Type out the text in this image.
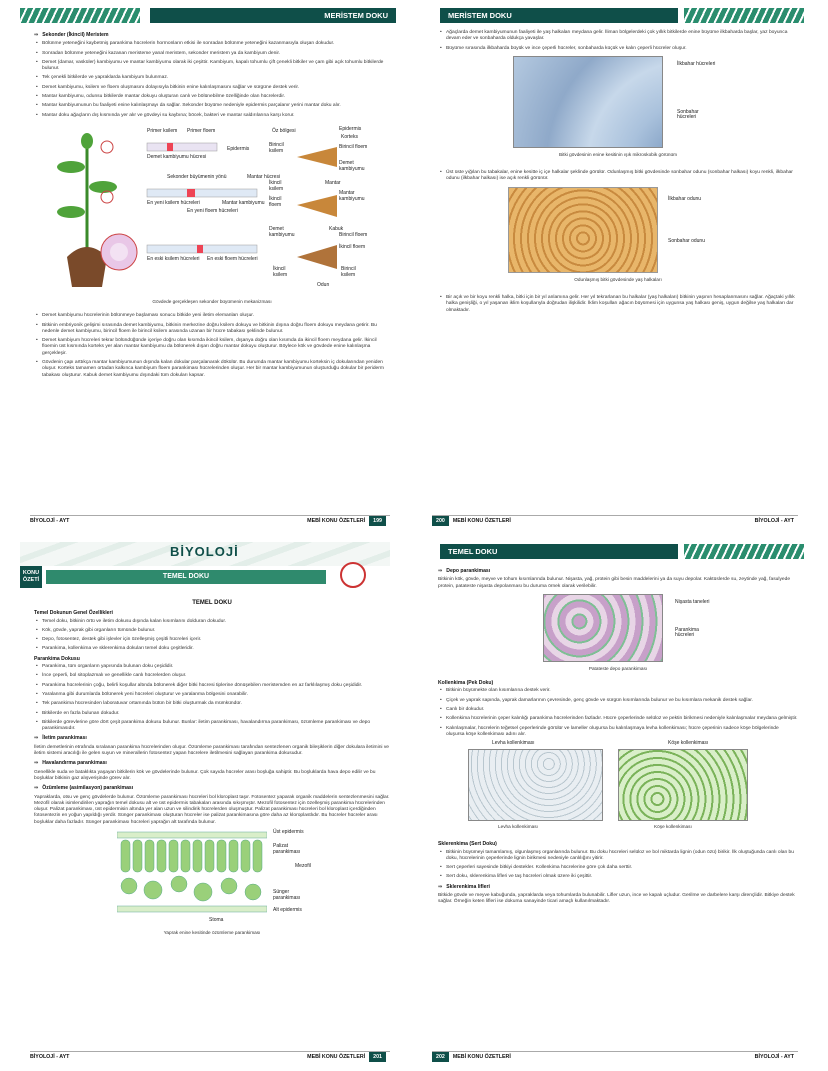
MERİSTEM DOKU
⇒ Sekonder (İkincil) Meristem
• Bölünme yeteneğini kaybetmiş parankima hücrelerin hormonların etkisi ile sonradan bölünme yeteneğini kazanmasıyla oluşan dokudur.
• Sonradan bölünme yeteneğini kazanan meristeme yanal meristem, sekonder meristem ya da kambiyum denir.
• Demet (damar, vasküler) kambiyumu ve mantar kambiyumu olarak iki çeşittir. Kambiyum, kapalı tohumlu çift çenekli bitkiler ve çam gibi açık tohumlu bitkilerde bulunur.
• Tek çenekli bitkilerde ve yapraklarda kambiyum bulunmaz.
• Demet kambiyumu, ksilem ve floem oluşmasını dolayısıyla bitkinin enine kalınlaşmasını sağlar ve sürgüne destek verir.
• Mantar kambiyumu, odunsu bitkilerde mantar dokuyu oluşturan canlı ve bölünebilme özelliğinde olan hücrelerdir.
• Mantar kambiyumunun bu faaliyeti enine kalınlaşmayı da sağlar. Sekonder büyüme nedeniyle epidermis parçalanır yerini mantar doku alır.
• Mantar doku ağaçların dış kısmında yer alır ve gövdeyi su kaybına; böcek, bakteri ve mantar saldırılarına karşı korur.
Primer ksilem Primer floem
Epidermis
Demet kambiyumu hücresi
Sekonder büyümenin yönü	Mantar hücresi
En yeni ksilem hücreleri
En yeni floem hücreleri
Mantar kambiyumu
En eski ksilem hücreleri En eski floem hücreleri
Öz bölgesi	Epidermis
Korteks
Birincil ksilem
Birincil floem
Demet kambiyumu
İkincil ksilem
Mantar
İkincil floem
Mantar kambiyumu
Kabuk
Birincil floem
İkincil floem
İkincil ksilem
Birincil ksilem
Odun
Demet kambiyumu
Gövdede gerçekleşen sekonder büyümenin mekanizması
• Demet kambiyumu hücrelerinin bölünmeye başlaması sonucu bitkide yeni iletim elemanları oluşur.
• Bitkinin embriyonik gelişimi sırasında demet kambiyumu, bitkinin merkezine doğru ksilem dokuyu ve bitkinin dışına doğru floem dokuyu meydana getirir. Bu nedenle demet kambiyumu, birincil floem ile birincil ksilem arasında uzanan bir hücre tabakası şeklinde bulunur.
• Demet kambiyum hücreleri tekrar bölündüğünde içeriye doğru olan kısımda ikincil ksilem, dışarıya doğru olan kısımda da ikincil floem meydana gelir. İkincil floemin üst kısmında korteks yer alan mantar kambiyumu da bölünerek dışarı doğru mantar dokuyu oluşturur. Böylece kök ve gövdede enine kalınlaşma gerçekleşir.
• Gövdenin çapı arttıkça mantar kambiyumunun dışında kalan dokular parçalanarak dökülür. Bu durumda mantar kambiyumu korteksin iç dokularından yeniden oluşur. Korteks tamamen ortadan kalkınca kambiyum floem parankiması hücrelerinden oluşur. Her bir mantar kambiyumunun oluşturduğu dokular bir periderm tabakası oluşturur. Kabuk demet kambiyumu dışındaki tüm dokuları kapsar.
BİYOLOJİ - AYT	MEBİ KONU ÖZETLERİ 199
MERİSTEM DOKU
• Ağaçlarda demet kambiyumunun faaliyeti ile yaş halkaları meydana gelir. İliman bölgelerdeki çok yıllık bitkilerde enine büyüme ilkbaharda başlar, yaz boyunca devam eder ve sonbaharda oldukça yavaşlar.
• Büyüme sırasında ilkbaharda büyük ve ince çeperli hücreler, sonbaharda küçük ve kalın çeperli hücreler oluşur.
İlkbahar hücreleri
Sonbahar hücreleri
Bitki gövdesinin enine kesitinin ışık mikroskobik görünüm
• Üst üste yığılan bu tabakalar, enine kesitte iç içe halkalar şeklinde görülür. Odunlaşmış bitki gövdesinde sonbahar odunu (sonbahar halkası) koyu renkli, ilkbahar odunu (ilkbahar halkası) ise açık renkli görünür.
İlkbahar odunu
Sonbahar odunu
Odunlaşmış bitki gövdesinde yaş halkaları
• Bir açık ve bir koyu renkli halka, bitki için bir yıl anlamına gelir. Her yıl tekrarlanan bu halkalar (yaş halkaları) bitkinin yaşının hesaplanmasını sağlar. Ağaçtaki yıllık halka genişliği, o yıl yaşanan iklim koşullarıyla doğrudan ilişkilidir. İklim koşulları ağacın büyümesi için uygunsa yaş halkası geniş, uygun değilse yaş halkaları dar olmaktadır.
200 MEBİ KONU ÖZETLERİ	BİYOLOJİ - AYT
BİYOLOJİ
KONU ÖZETİ	TEMEL DOKU
TEMEL DOKU
Temel Dokunun Genel Özellikleri
• Temel doku, bitkinin örtü ve iletim dokusu dışında kalan kısımlarını dolduran dokudur.
• Kök, gövde, yaprak gibi organların tümünde bulunur.
• Depo, fotosentez, destek gibi işlevler için özelleşmiş çeşitli hücreleri içerir.
• Parankima, kollenkima ve sklerenkima dokuları temel doku çeşitleridir.
Parankima Dokusu
• Parankima, tüm organların yapısında bulunan doku çeşididir.
• İnce çeperli, bol sitoplazmalı ve genellikle canlı hücrelerden oluşur.
• Parankima hücrelerinin çoğu, belirli koşullar altında bölünerek diğer bitki hücresi tiplerine dönüşebilen meristemden en az farklılaşmış doku çeşididir.
• Yaralanma gibi durumlarda bölünerek yeni hücreleri oluşturur ve yaralanma bölgesini onarabilir.
• Tek parankima hücresinden laboratuvar ortamında bütün bir bitki oluşturmak da mümkündür.
• Bitkilerde en fazla bulunan dokudur.
• Bitkilerde görevlerine göre dört çeşit parankima dokusu bulunur. Bunlar: iletim parankiması, havalandırma parankiması, özümleme parankiması ve depo parankimasıdır.
⇒ İletim parankiması

İletim demetlerinin etrafında sıralanan parankima hücrelerinden oluşur. Özümleme parankiması tarafından sentezlenen organik bileşiklerin diğer dokulara iletimini ve iletim sistemi aracılığı ile gelen suyun ve minerallerin fotosentez yapan hücrelere iletilmesini sağlayan parankima dokusudur.

⇒ Havalandırma parankiması

Genellikle suda ve bataklıkta yaşayan bitkilerin kök ve gövdelerinde bulunur. Çok sayıda hücreler arası boşluğa sahiptir. Bu boşluklarda hava depo edilir ve bu boşluklar bitkinin gaz alışverişinde görev alır.

⇒ Özümleme (asimilasyon) parankiması

Yapraklarda, otsu ve genç gövdelerde bulunur. Özümleme parankiması hücreleri bol kloroplast taşır. Fotosentez yaparak organik maddelerin sentezlenmesini sağlar. Mezofil olarak isimlendirilen yaprağın temel dokusu alt ve üst epidermis tabakaları arasında sıkışmıştır. Mezofil fotosentez için özelleşmiş parankima hücrelerinden oluşur. Palizat parankiması, üst epidermisin altında yer alan uzun ve silindirik hücrelerden oluşmuştur. Palizat parankiması hücreleri bol kloroplast içerdiğinden fotosentezin en yoğun yapıldığı yerdir. Sünger parankiması oluşturan hücreler ise palizat parankimasına göre daha az kloroplastlıdır. Bu hücreler hücreler arası boşluklar daha fazladır. Sünger parankiması hücreleri yaprağın alt tarafında bulunur.

Üst epidermis
Palizat parankiması
Mezofil
Sünger parankiması
Alt epidermis
Stoma
Yaprak enine kesitinde özümleme parankiması
BİYOLOJİ - AYT	MEBİ KONU ÖZETLERİ 201
TEMEL DOKU
⇒ Depo parankiması

Bitkinin kök, gövde, meyve ve tohum kısımlarında bulunur. Nişasta, yağ, protein gibi besin maddelerini ya da suyu depolar. Kaktüslerde su, zeytinde yağ, fasulyede protein, patateste nişasta depolanması bu duruma örnek olarak verilebilir.

Nişasta taneleri
Parankima hücreleri
Patateste depo parankiması
Kollenkima (Pek Doku)
• Bitkinin büyümekte olan kısımlarına destek verir.
• Çiçek ve yaprak sapında, yaprak damarlarının çevresinde, genç gövde ve sürgün kısımlarında bulunur ve bu kısımlara mekanik destek sağlar.
• Canlı bir dokudur.
• Kollenkima hücrelerinin çeper kalınlığı parankima hücrelerinden fazladır. Hücre çeperlerinde selüloz ve pektin birikmesi nedeniyle kalınlaşmalar meydana gelmiştir.
• Kalınlaşmalar, hücrelerin teğetsel çeperlerinde görülür ve lameller oluşursa bu kalınlaşmaya levha kollenkiması; hücre çeperinin sadece köşe bölgelerinde oluşursa köşe kollenkiması adını alır.
Levha kollenkiması	Köşe kollenkiması
Levha kollenkiması	Köşe kollenkiması
Sklerenkima (Sert Doku)
• Bitkinin büyümeyi tamamlamış, olgunlaşmış organlarında bulunur. Bu doku hücreleri selüloz ve bol miktarda lignin (odun özü) birikir. İlk oluştuğunda canlı olan bu doku, hücrelerinin çeperlerinde lignin birikmesi nedeniyle canlılığını yitirir.
• Sert çeperleri sayesinde bitkiyi destekler. Kollenkima hücrelerine göre çok daha serttir.
• Sert doku, sklerenkima lifleri ve taş hücreleri olmak üzere iki çeşittir.
⇒ Sklerenkima lifleri

Bitkide gövde ve meyve kabuğunda, yapraklarda veya tohumlarda bulunabilir. Lifler uzun, ince ve kapalı uçludur. Gerilme ve darbelere karşı dirençlidir. Bitkiye destek sağlar. Örneğin keten lifleri ise dokuma sanayinde ticari amaçlı kullanılmaktadır.

202 MEBİ KONU ÖZETLERİ	BİYOLOJİ - AYT
